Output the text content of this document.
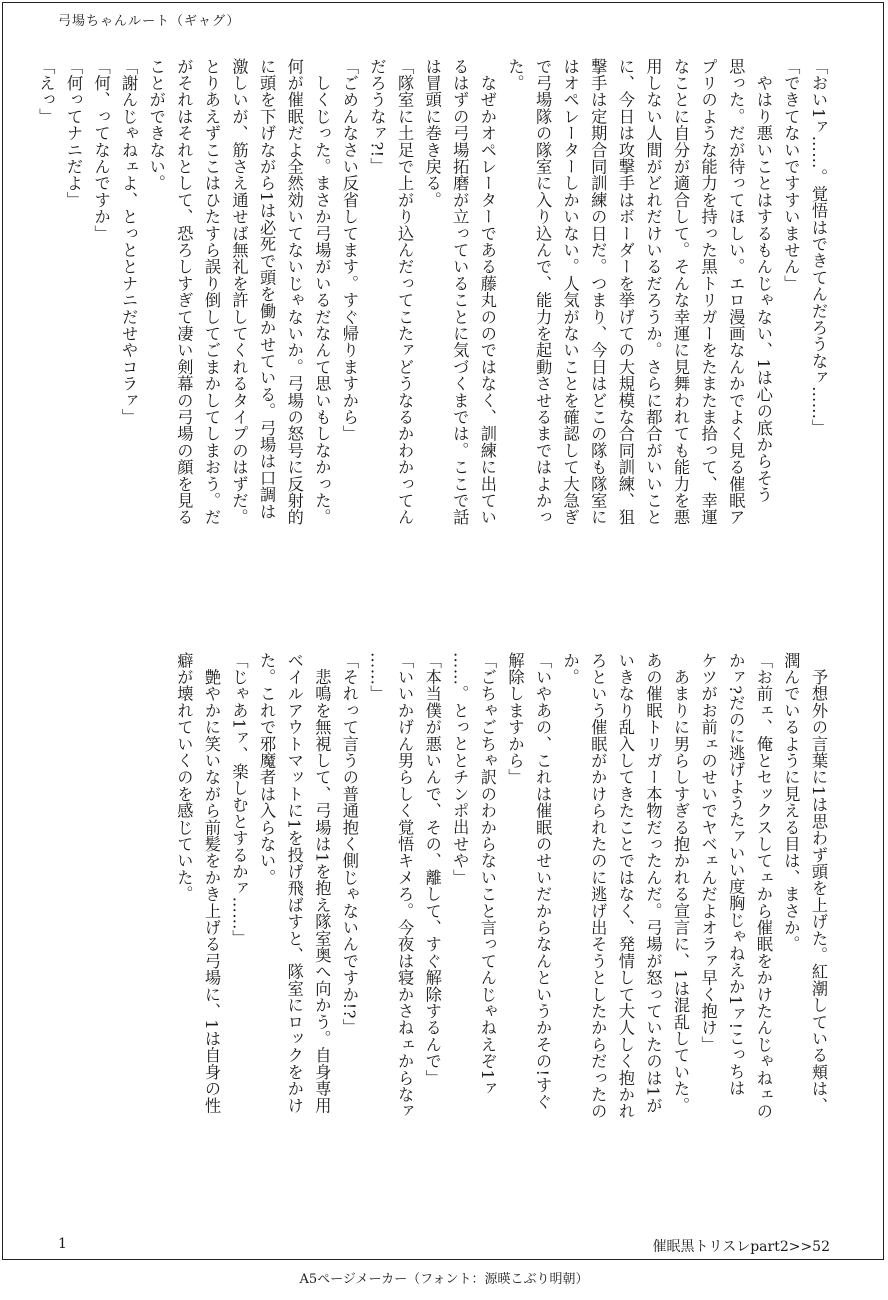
弓場ちゃんルート（ギャグ）
「おい1ァ……。覚悟はできてんだろうなァ……」
「できてないですすいません」
　やはり悪いことはするもんじゃない、1は心の底からそう
思った。だが待ってほしい。エロ漫画なんかでよく見る催眠ア
プリのような能力を持った黒トリガーをたまたま拾って、幸運
なことに自分が適合して。そんな幸運に見舞われても能力を悪
用しない人間がどれだけいるだろうか。さらに都合がいいこと
に、今日は攻撃手はボーダーを挙げての大規模な合同訓練、狙
撃手は定期合同訓練の日だ。つまり、今日はどこの隊も隊室に
はオペレーターしかいない。人気がないことを確認して大急ぎ
で弓場隊の隊室に入り込んで、能力を起動させるまではよかっ
た。
　なぜかオペレーターである藤丸ののではなく、訓練に出てい
るはずの弓場拓磨が立っていることに気づくまでは。ここで話
は冒頭に巻き戻る。
「隊室に土足で上がり込んだってこたァどうなるかわかってん
だろうなァ?!」
「ごめんなさい反省してます。すぐ帰りますから」
　しくじった。まさか弓場がいるだなんて思いもしなかった。
何が催眠だよ全然効いてないじゃないか。弓場の怒号に反射的
に頭を下げながら1は必死で頭を働かせている。弓場は口調は
激しいが、筋さえ通せば無礼を許してくれるタイプのはずだ。
とりあえずここはひたすら誤り倒してごまかしてしまおう。だ
がそれはそれとして、恐ろしすぎて凄い剣幕の弓場の顔を見る
ことができない。
「謝んじゃねェよ、とっととナニだせやコラァ」
「何、ってなんですか」
「何ってナニだよ」
「えっ」
　予想外の言葉に1は思わず頭を上げた。紅潮している頬は、
潤んでいるように見える目は、まさか。
「お前ェ、俺とセックスしてェから催眠をかけたんじゃねェの
かァ?だのに逃げようたァいい度胸じゃねえか1ァ!こっちは
ケツがお前ェのせいでヤベェんだよオラァ早く抱け」
　あまりに男らしすぎる抱かれる宣言に、1は混乱していた。
あの催眠トリガー本物だったんだ。弓場が怒っていたのは1が
いきなり乱入してきたことではなく、発情して大人しく抱かれ
ろという催眠がかけられたのに逃げ出そうとしたからだったの
か。
「いやあの、これは催眠のせいだからなんというかその!すぐ
解除しますから」
「ごちゃごちゃ訳のわからないこと言ってんじゃねえぞ1ァ
……。とっととチンポ出せや」
「本当僕が悪いんで、その、離して、すぐ解除するんで」
「いいかげん男らしく覚悟キメろ。今夜は寝かさねェからなァ
……」
「それって言うの普通抱く側じゃないんですか!?」
　悲鳴を無視して、弓場は1を抱え隊室奥へ向かう。自身専用
ベイルアウトマットに1を投げ飛ばすと、隊室にロックをかけ
た。これで邪魔者は入らない。
「じゃあ1ァ、楽しむとするかァ……」
　艶やかに笑いながら前髪をかき上げる弓場に、1は自身の性
癖が壊れていくのを感じていた。
1	催眠黒トリスレpart2>>52
A5ページメーカー（フォント：源暎こぶり明朝）
